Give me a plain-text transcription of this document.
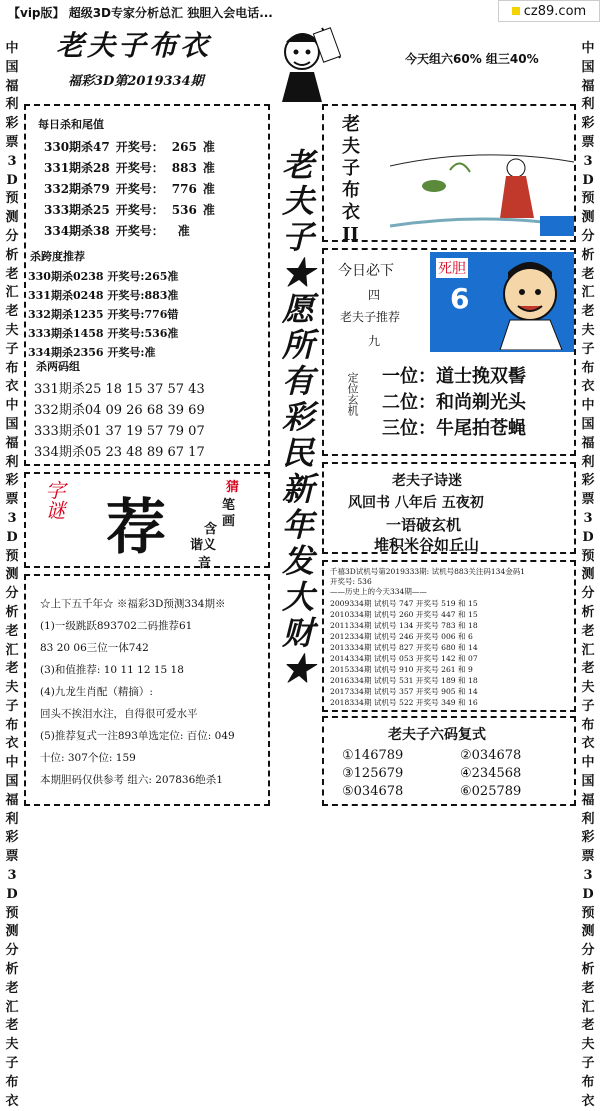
cz89.com
【vip版】 超级3D专家分析总汇 独胆入会电话...
老夫子布衣
福彩3D第2019334期
今天组六60% 组三40%
中国福利彩票3D预测分析老汇老夫子布衣中国福利彩票3D预测分析老汇老夫子布衣中国福利彩票3D预测分析老汇老夫子布衣
中国福利彩票3D预测分析老汇老夫子布衣中国福利彩票3D预测分析老汇老夫子布衣中国福利彩票3D预测分析老汇老夫子布衣
每日杀和尾值
330期杀47 开奖号： 265 准
331期杀28 开奖号： 883 准
332期杀79 开奖号： 776 准
333期杀25 开奖号： 536 准
334期杀38 开奖号： 准
杀跨度推荐
330期杀0238 开奖号:265准
331期杀0248 开奖号:883准
332期杀1235 开奖号:776错
333期杀1458 开奖号:536准
334期杀2356 开奖号:准
杀两码组
331期杀25 18 15 37 57 43
332期杀04 09 26 68 39 69
333期杀01 37 19 57 79 07
334期杀05 23 48 89 67 17
字谜 荐
猜
笔
画
含
谐义
音
☆上下五千年☆ ※福彩3D预测334期※
(1)一级跳跃893702二码推荐61
83 20 06三位一体742
(3)和值推荐: 10 11 12 15 18
(4)九龙生肖配（精摘）:
回头不挨泪水注，自得很可爱水平
(5)推荐复式一注893单选定位: 百位: 049
十位: 307个位: 159
本期胆码仅供参考 组六: 207836绝杀1
老夫子★愿所有彩民新年发大财★
老
夫
子
布
衣
II
今日必下
四
老夫子推荐
九
死胆
6
定位玄机 一位：道士挽双髻
二位：和尚剃光头
三位：牛尾拍苍蝇
老夫子诗迷
风回书 八年后 五夜初
一语破玄机
堆积米谷如丘山
千禧3D试机号第2019333期: 试机号883关注码134金码1
开奖号: 536
——历史上的今天334期——
2009334期 试机号 747 开奖号 519 和 15
2010334期 试机号 260 开奖号 447 和 15
2011334期 试机号 134 开奖号 783 和 18
2012334期 试机号 246 开奖号 006 和 6
2013334期 试机号 827 开奖号 680 和 14
2014334期 试机号 053 开奖号 142 和 07
2015334期 试机号 910 开奖号 261 和 9
2016334期 试机号 531 开奖号 189 和 18
2017334期 试机号 357 开奖号 905 和 14
2018334期 试机号 522 开奖号 349 和 16
老夫子六码复式
①146789	②034678
③125679	④234568
⑤034678	⑥025789
